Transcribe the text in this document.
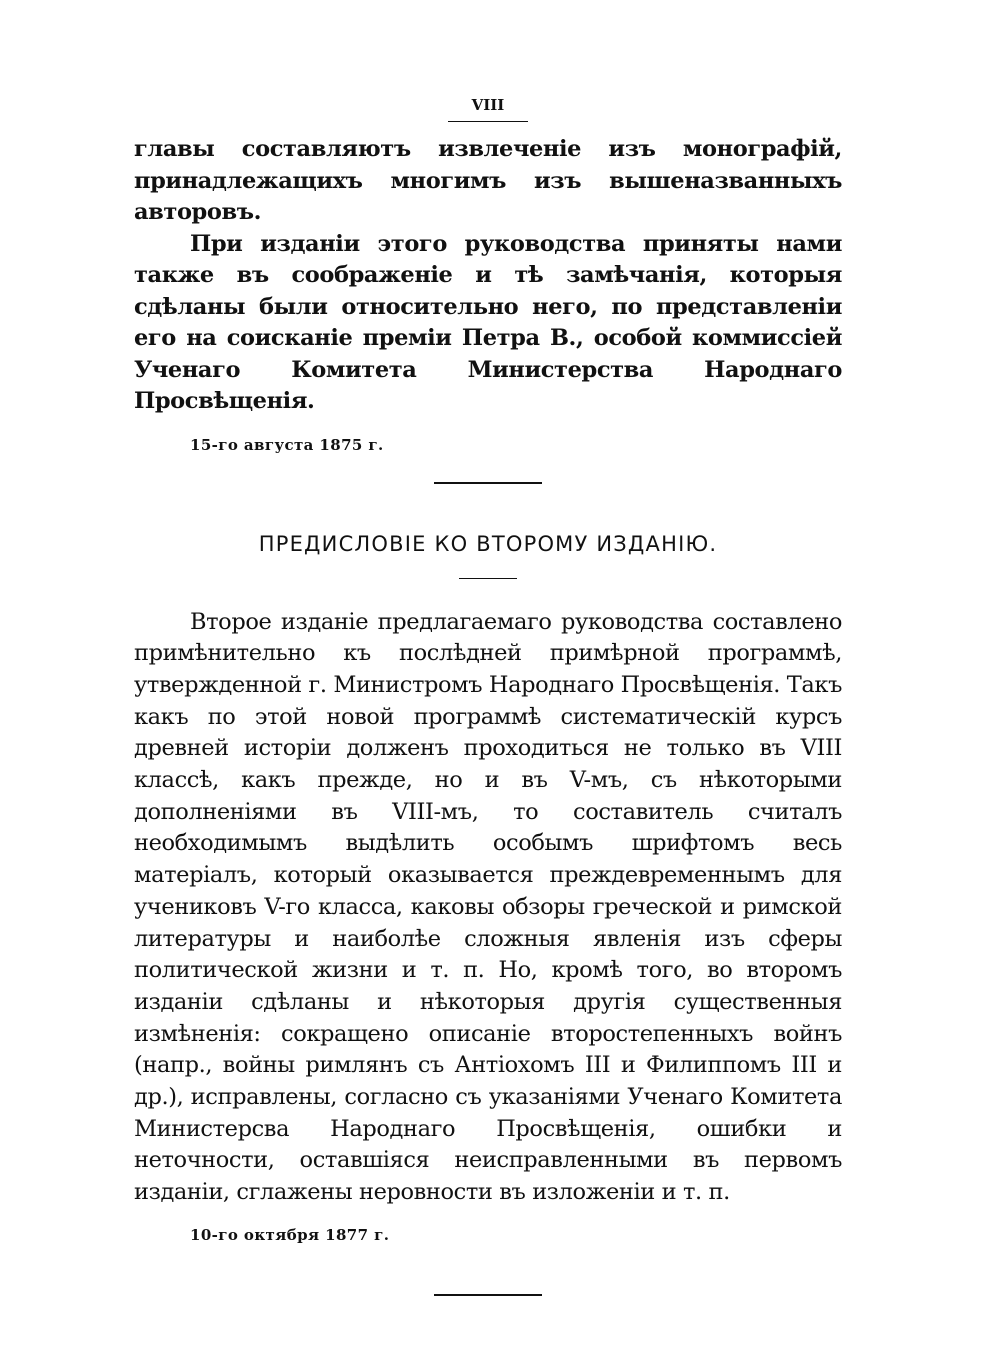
VIII

главы составляютъ извлеченіе изъ монографій, принадлежащихъ многимъ изъ вышеназванныхъ авторовъ.

При изданіи этого руководства приняты нами также въ соображеніе и тѣ замѣчанія, которыя сдѣланы были относительно него, по представленіи его на соисканіе преміи Петра В., особой коммиссіей Ученаго Комитета Министерства Народнаго Просвѣщенія.

15-го августа 1875 г.
ПРЕДИСЛОВІЕ КО ВТОРОМУ ИЗДАНІЮ.

Второе изданіе предлагаемаго руководства составлено примѣнительно къ послѣдней примѣрной программѣ, утвержденной г. Министромъ Народнаго Просвѣщенія. Такъ какъ по этой новой программѣ систематическій курсъ древней исторіи долженъ проходиться не только въ VIII классѣ, какъ прежде, но и въ V-мъ, съ нѣкоторыми дополненіями въ VIII-мъ, то составитель считалъ необходимымъ выдѣлить особымъ шрифтомъ весь матеріалъ, который оказывается преждевременнымъ для учениковъ V-го класса, каковы обзоры греческой и римской литературы и наиболѣе сложныя явленія изъ сферы политической жизни и т. п. Но, кромѣ того, во второмъ изданіи сдѣланы и нѣкоторыя другія существенныя измѣненія: сокращено описаніе второстепенныхъ войнъ (напр., войны римлянъ съ Антіохомъ III и Филиппомъ III и др.), исправлены, согласно съ указаніями Ученаго Комитета Министерсва Народнаго Просвѣщенія, ошибки и неточности, оставшіяся неисправленными въ первомъ изданіи, сглажены неровности въ изложеніи и т. п.

10-го октября 1877 г.
